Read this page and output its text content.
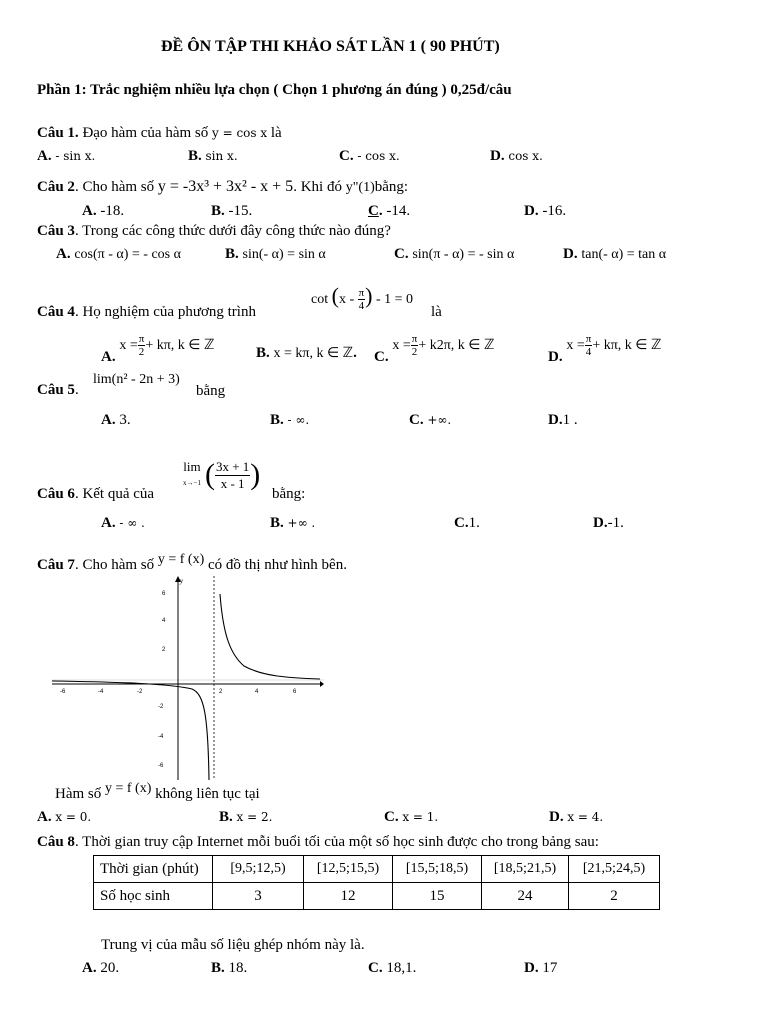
ĐỀ ÔN TẬP THI KHẢO SÁT LẦN 1 ( 90 PHÚT)
Phần 1: Trắc nghiệm nhiều lựa chọn ( Chọn 1 phương án đúng ) 0,25đ/câu
Câu 1. Đạo hàm của hàm số y = cos x là
A. - sin x.	B. sin x.	C. - cos x.	D. cos x.
Câu 2. Cho hàm số y = -3x³ + 3x² - x + 5. Khi đó y"(1)bằng:
A. -18.	B. -15.	C. -14.	D. -16.
Câu 3. Trong các công thức dưới đây công thức nào đúng?
A. cos(π - α) = - cos α	B. sin(- α) = sin α	C. sin(π - α) = - sin α	D. tan(- α) = tan α
Câu 4. Họ nghiệm của phương trình
$\cot (x - \frac{\pi}{4}$ ) - 1 = 0
là
A. $x = \frac{\pi}{2} + k\pi$, k ∈ ℤ	B. x = kπ, k ∈ ℤ. C. $x = \frac{\pi}{2} + k2\pi$, k ∈ ℤ
D. $x = \frac{\pi}{4} + k\pi$, k ∈ ℤ
Câu 5.
lim(n² - 2n + 3)
bằng
A. 3.	B. - ∞.	C. +∞.	D.1 .
Câu 6. Kết quả của
lim
x→−1 ( $\frac{3x + 1}{x - 1}$ )
bằng:
A. - ∞ .	B. +∞ .	C.1.	D.-1.
Câu 7. Cho hàm số y = f (x) có đồ thị như hình bên.
y
-6	-4	-2	2	4	6
6
4
2
-2
-4
-6
Hàm số y = f (x) không liên tục tại
A. x = 0.	B. x = 2.	C. x = 1.	D. x = 4.
Câu 8. Thời gian truy cập Internet mỗi buổi tối của một số học sinh được cho trong bảng sau:
Thời gian (phút)	[9,5;12,5)	[12,5;15,5)	[15,5;18,5)	[18,5;21,5)	[21,5;24,5)
Số học sinh	3	12	15	24	2
Trung vị của mẫu số liệu ghép nhóm này là.
A. 20.	B. 18.	C. 18,1.	D. 17
